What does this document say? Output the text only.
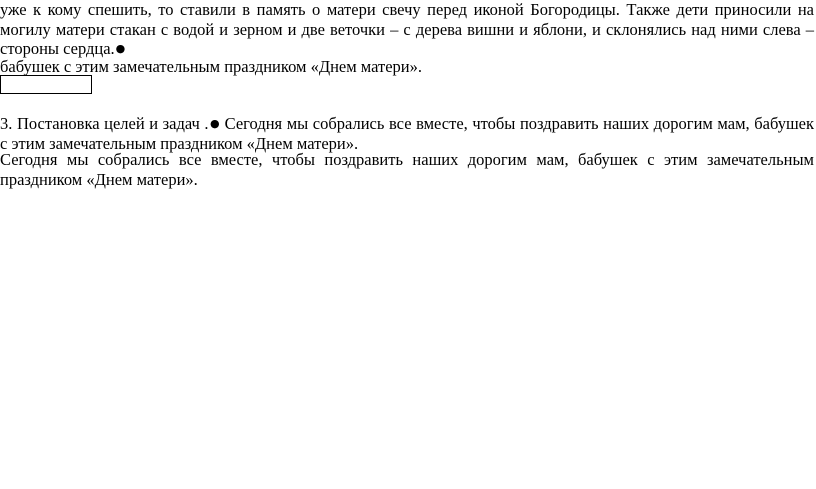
уже к кому спешить, то ставили в память о матери свечу перед иконой Богородицы. Также дети приносили на могилу матери стакан с водой и зерном и две веточки – с дерева вишни и яблони, и склонялись над ними слева – стороны сердца.●

бабушек с этим замечательным праздником «Днем матери».

3. Постановка целей и задач .● Сегодня мы собрались все вместе, чтобы поздравить наших дорогим мам, бабушек с этим замечательным праздником «Днем матери».

Сегодня мы собрались все вместе, чтобы поздравить наших дорогим мам, бабушек с этим замечательным праздником «Днем матери».
